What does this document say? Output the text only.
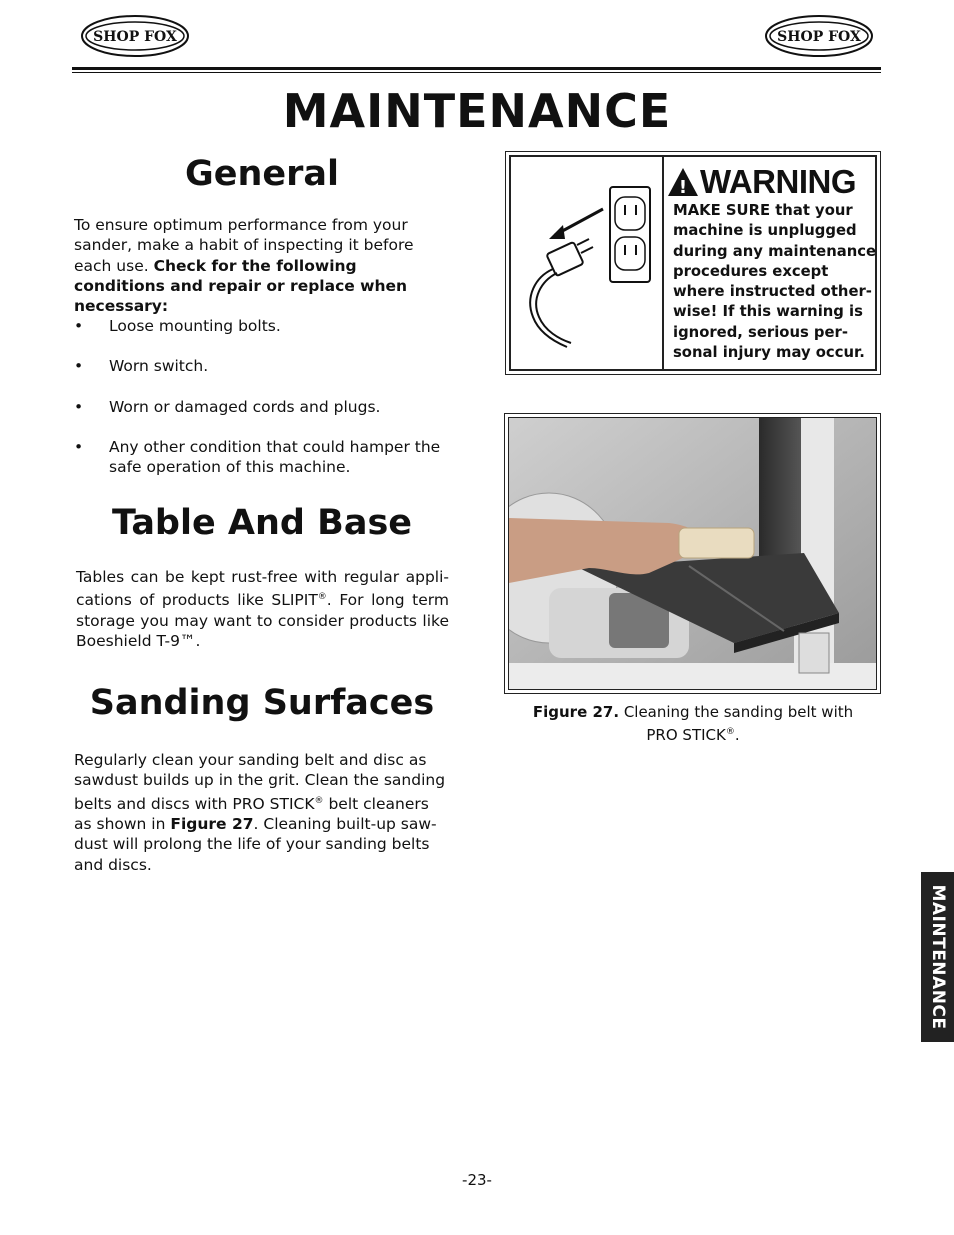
SHOP FOX	SHOP FOX
MAINTENANCE
General
To ensure optimum performance from your sander, make a habit of inspecting it before each use. Check for the following conditions and repair or replace when necessary:
• Loose mounting bolts.
• Worn switch.
• Worn or damaged cords and plugs.
• Any other condition that could hamper the safe operation of this machine.
Table And Base
Tables can be kept rust-free with regular appli-cations of products like SLIPIT®. For long term storage you may want to consider products like Boeshield T-9™.
Sanding Surfaces
Regularly clean your sanding belt and disc as sawdust builds up in the grit. Clean the sanding belts and discs with PRO STICK® belt cleaners as shown in Figure 27. Cleaning built-up saw-dust will prolong the life of your sanding belts and discs.
! WARNING
MAKE SURE that your
machine is unplugged
during any maintenance
procedures except
where instructed other-
wise! If this warning is
ignored, serious per-
sonal injury may occur.
Figure 27. Cleaning the sanding belt with
PRO STICK®.
MAINTENANCE
-23-
